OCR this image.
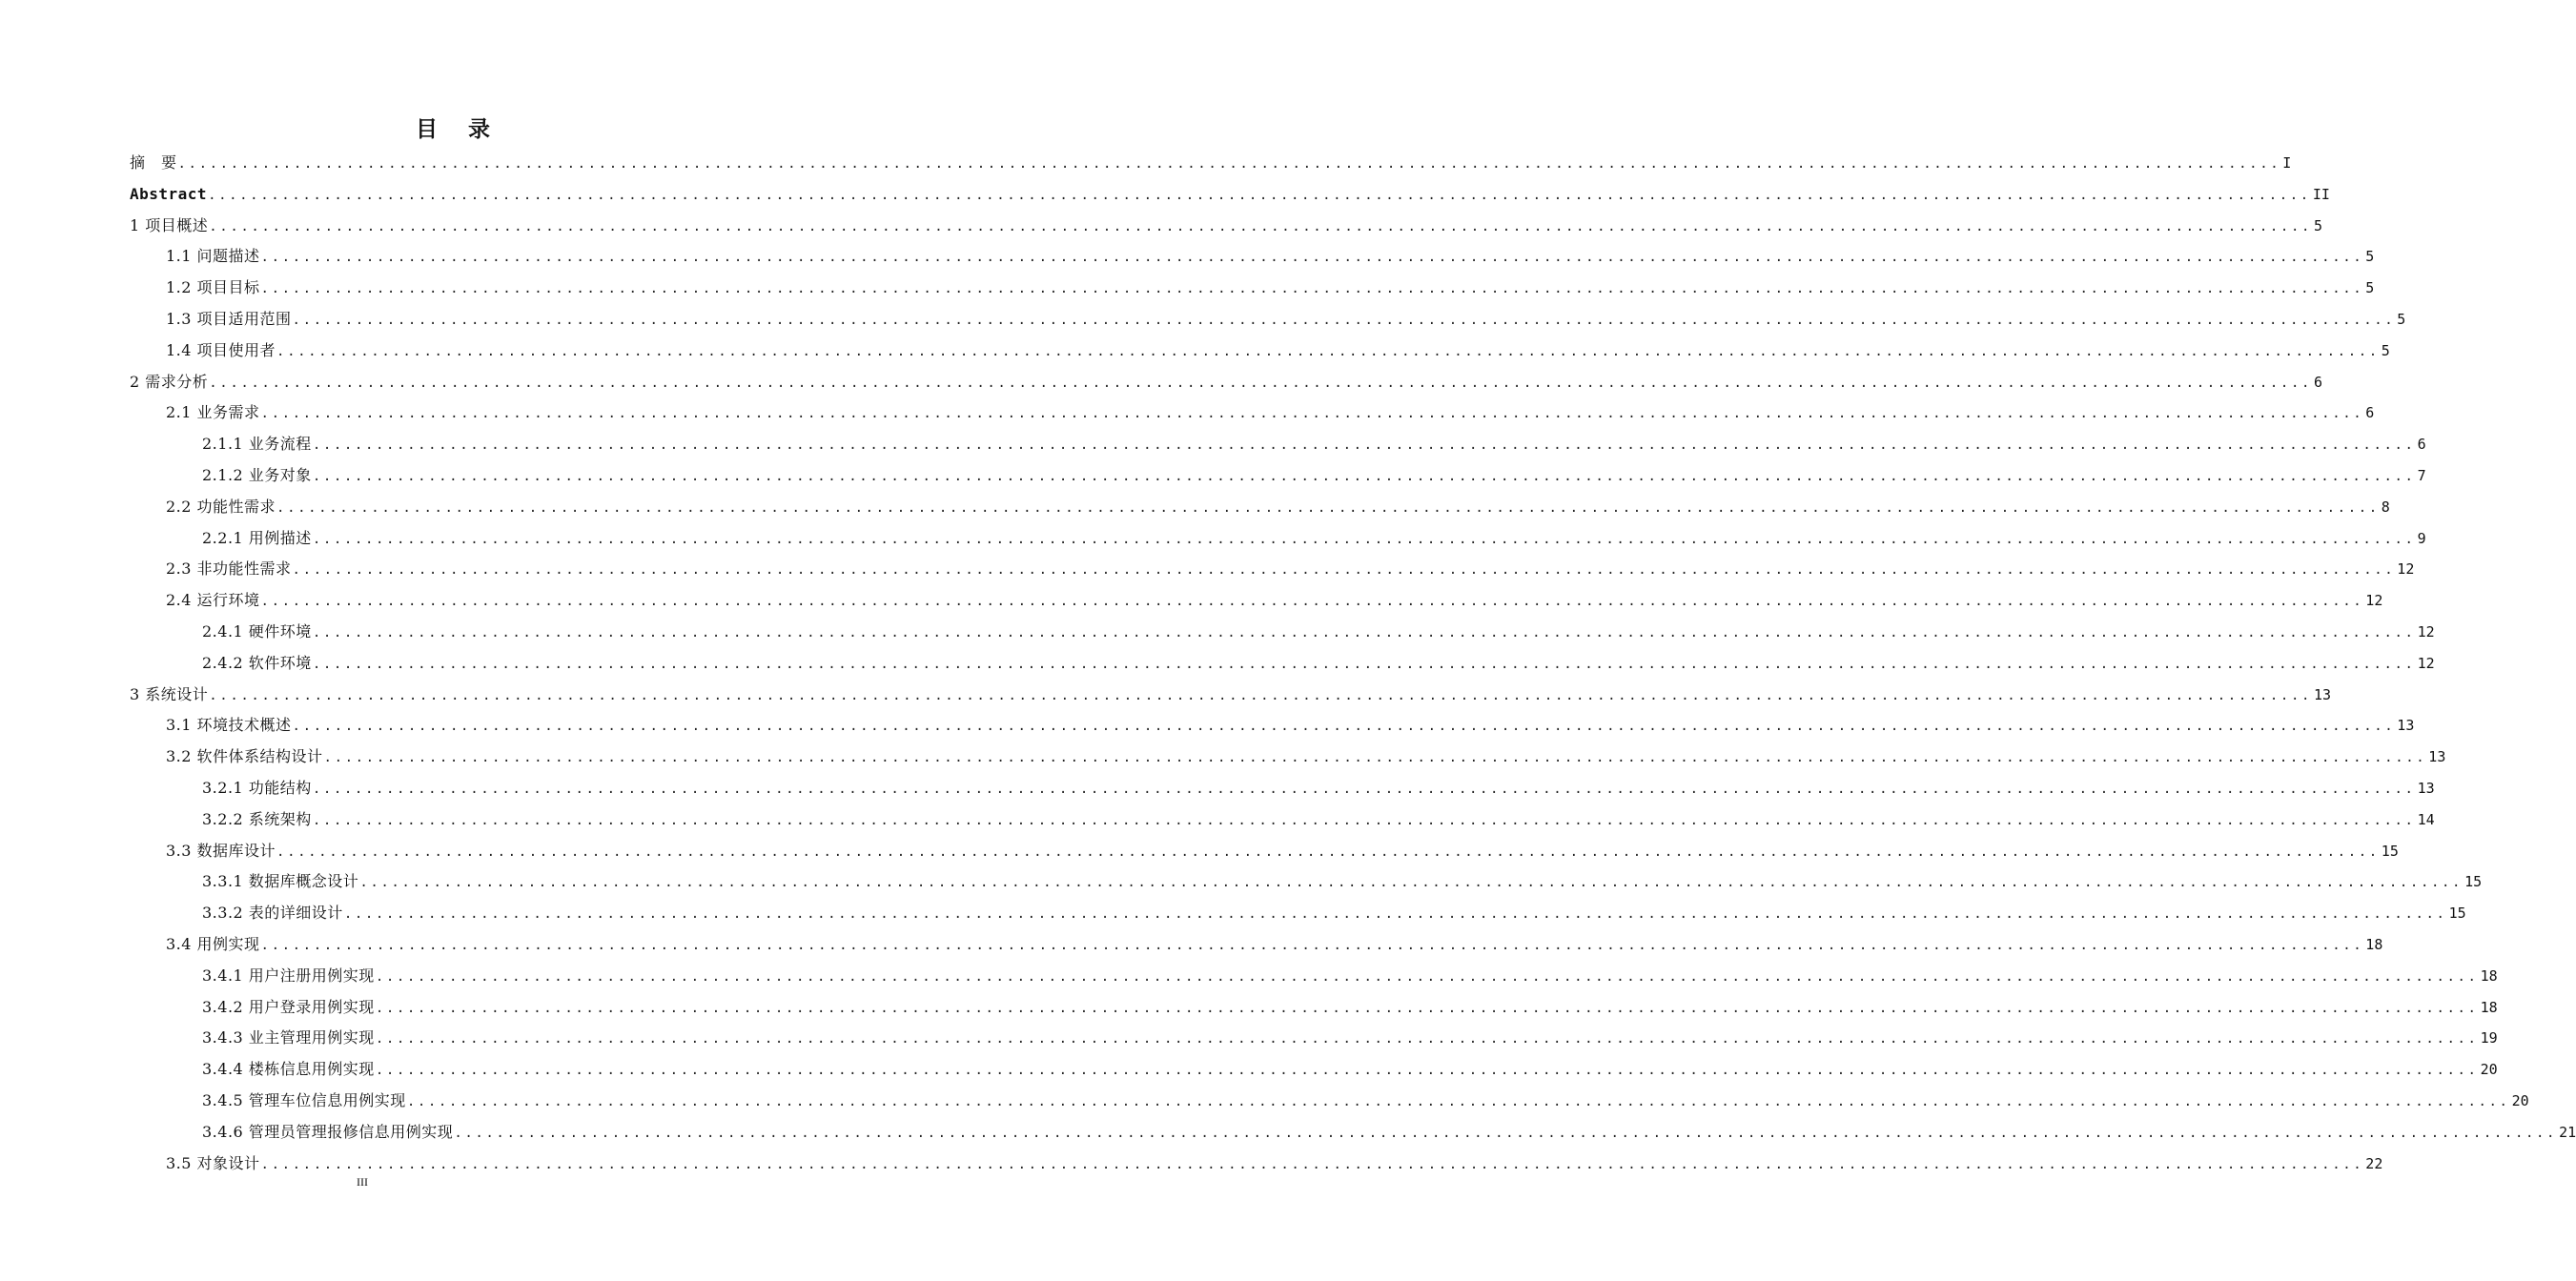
目 录
摘　要 ........................................................................................................................................................................................................ I
Abstract ........................................................................................................................................................................................................ II
1 项目概述 ........................................................................................................................................................................................................ 5
1.1 问题描述 ........................................................................................................................................................................................................ 5
1.2 项目目标 ........................................................................................................................................................................................................ 5
1.3 项目适用范围 ........................................................................................................................................................................................................ 5
1.4 项目使用者 ........................................................................................................................................................................................................ 5
2 需求分析 ........................................................................................................................................................................................................ 6
2.1 业务需求 ........................................................................................................................................................................................................ 6
2.1.1 业务流程 ........................................................................................................................................................................................................ 6
2.1.2 业务对象 ........................................................................................................................................................................................................ 7
2.2 功能性需求 ........................................................................................................................................................................................................ 8
2.2.1 用例描述 ........................................................................................................................................................................................................ 9
2.3 非功能性需求 ........................................................................................................................................................................................................ 12
2.4 运行环境 ........................................................................................................................................................................................................ 12
2.4.1 硬件环境 ........................................................................................................................................................................................................ 12
2.4.2 软件环境 ........................................................................................................................................................................................................ 12
3 系统设计 ........................................................................................................................................................................................................ 13
3.1 环境技术概述 ........................................................................................................................................................................................................ 13
3.2 软件体系结构设计 ........................................................................................................................................................................................................ 13
3.2.1 功能结构 ........................................................................................................................................................................................................ 13
3.2.2 系统架构 ........................................................................................................................................................................................................ 14
3.3 数据库设计 ........................................................................................................................................................................................................ 15
3.3.1 数据库概念设计 ........................................................................................................................................................................................................ 15
3.3.2 表的详细设计 ........................................................................................................................................................................................................ 15
3.4 用例实现 ........................................................................................................................................................................................................ 18
3.4.1 用户注册用例实现 ........................................................................................................................................................................................................ 18
3.4.2 用户登录用例实现 ........................................................................................................................................................................................................ 18
3.4.3 业主管理用例实现 ........................................................................................................................................................................................................ 19
3.4.4 楼栋信息用例实现 ........................................................................................................................................................................................................ 20
3.4.5 管理车位信息用例实现 ........................................................................................................................................................................................................ 20
3.4.6 管理员管理报修信息用例实现 ........................................................................................................................................................................................................ 21
3.5 对象设计 ........................................................................................................................................................................................................ 22
III
